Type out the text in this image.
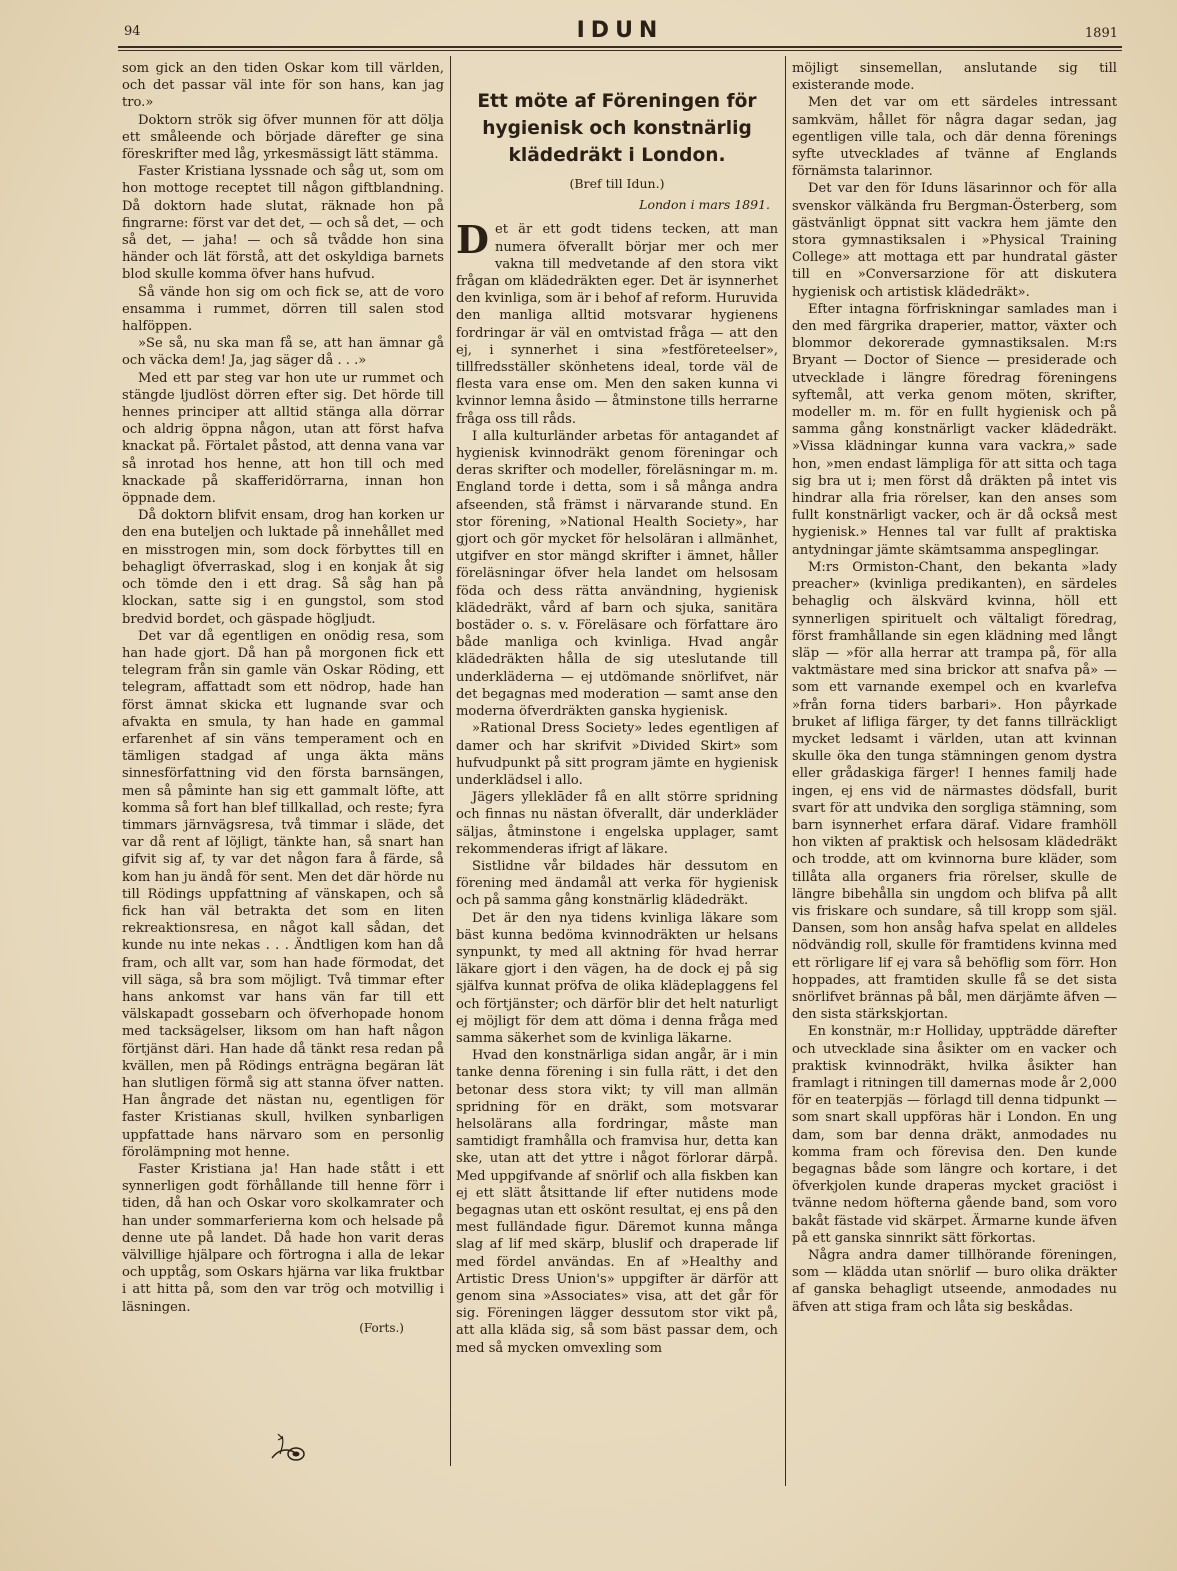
94	IDUN	1891

som gick an den tiden Oskar kom till världen, och det passar väl inte för son hans, kan jag tro.»

Doktorn strök sig öfver munnen för att dölja ett småleende och började därefter ge sina föreskrifter med låg, yrkesmässigt lätt stämma.

Faster Kristiana lyssnade och såg ut, som om hon mottoge receptet till någon giftblandning. Då doktorn hade slutat, räknade hon på fingrarne: först var det det, — och så det, — och så det, — jaha! — och så tvådde hon sina händer och lät förstå, att det oskyldiga barnets blod skulle komma öfver hans hufvud.

Så vände hon sig om och fick se, att de voro ensamma i rummet, dörren till salen stod halföppen.

»Se så, nu ska man få se, att han ämnar gå och väcka dem! Ja, jag säger då . . .»

Med ett par steg var hon ute ur rummet och stängde ljudlöst dörren efter sig. Det hörde till hennes principer att alltid stänga alla dörrar och aldrig öppna någon, utan att först hafva knackat på. Förtalet påstod, att denna vana var så inrotad hos henne, att hon till och med knackade på skafferidörrarna, innan hon öppnade dem.

Då doktorn blifvit ensam, drog han korken ur den ena buteljen och luktade på innehållet med en misstrogen min, som dock förbyttes till en behagligt öfverraskad, slog i en konjak åt sig och tömde den i ett drag. Så såg han på klockan, satte sig i en gungstol, som stod bredvid bordet, och gäspade högljudt.

Det var då egentligen en onödig resa, som han hade gjort. Då han på morgonen fick ett telegram från sin gamle vän Oskar Röding, ett telegram, affattadt som ett nödrop, hade han först ämnat skicka ett lugnande svar och afvakta en smula, ty han hade en gammal erfarenhet af sin väns temperament och en tämligen stadgad af unga äkta mäns sinnesförfattning vid den första barnsängen, men så påminte han sig ett gammalt löfte, att komma så fort han blef tillkallad, och reste; fyra timmars järnvägsresa, två timmar i släde, det var då rent af löjligt, tänkte han, så snart han gifvit sig af, ty var det någon fara å färde, så kom han ju ändå för sent. Men det där hörde nu till Rödings uppfattning af vänskapen, och så fick han väl betrakta det som en liten rekreaktionsresa, en något kall sådan, det kunde nu inte nekas . . . Ändtligen kom han då fram, och allt var, som han hade förmodat, det vill säga, så bra som möjligt. Två timmar efter hans ankomst var hans vän far till ett välskapadt gossebarn och öfverhopade honom med tacksägelser, liksom om han haft någon förtjänst däri. Han hade då tänkt resa redan på kvällen, men på Rödings enträgna begäran lät han slutligen förmå sig att stanna öfver natten. Han ångrade det nästan nu, egentligen för faster Kristianas skull, hvilken synbarligen uppfattade hans närvaro som en personlig förolämpning mot henne.

Faster Kristiana ja! Han hade stått i ett synnerligen godt förhållande till henne förr i tiden, då han och Oskar voro skolkamrater och han under sommarferierna kom och helsade på denne ute på landet. Då hade hon varit deras välvillige hjälpare och förtrogna i alla de lekar och upptåg, som Oskars hjärna var lika fruktbar i att hitta på, som den var trög och motvillig i läsningen.

(Forts.)
Ett möte af Föreningen för hygienisk och konstnärlig klädedräkt i London.
(Bref till Idun.)
London i mars 1891.

Det är ett godt tidens tecken, att man numera öfverallt börjar mer och mer vakna till medvetande af den stora vikt frågan om klädedräkten eger. Det är isynnerhet den kvinliga, som är i behof af reform. Huruvida den manliga alltid motsvarar hygienens fordringar är väl en omtvistad fråga — att den ej, i synnerhet i sina »festföreteelser», tillfredsställer skönhetens ideal, torde väl de flesta vara ense om. Men den saken kunna vi kvinnor lemna åsido — åtminstone tills herrarne fråga oss till råds.

I alla kulturländer arbetas för antagandet af hygienisk kvinnodräkt genom föreningar och deras skrifter och modeller, föreläsningar m. m. England torde i detta, som i så många andra afseenden, stå främst i närvarande stund. En stor förening, »National Health Society», har gjort och gör mycket för helsoläran i allmänhet, utgifver en stor mängd skrifter i ämnet, håller föreläsningar öfver hela landet om helsosam föda och dess rätta användning, hygienisk klädedräkt, vård af barn och sjuka, sanitära bostäder o. s. v. Föreläsare och författare äro både manliga och kvinliga. Hvad angår klädedräkten hålla de sig uteslutande till underkläderna — ej utdömande snörlifvet, när det begagnas med moderation — samt anse den moderna öfverdräkten ganska hygienisk.

»Rational Dress Society» ledes egentligen af damer och har skrifvit »Divided Skirt» som hufvudpunkt på sitt program jämte en hygienisk underklädsel i allo.

Jägers ylleklāder få en allt större spridning och finnas nu nästan öfverallt, där underkläder säljas, åtminstone i engelska upplager, samt rekommenderas ifrigt af läkare.

Sistlidne vår bildades här dessutom en förening med ändamål att verka för hygienisk och på samma gång konstnärlig klädedräkt.

Det är den nya tidens kvinliga läkare som bäst kunna bedöma kvinnodräkten ur helsans synpunkt, ty med all aktning för hvad herrar läkare gjort i den vägen, ha de dock ej på sig själfva kunnat pröfva de olika klädeplaggens fel och förtjänster; och därför blir det helt naturligt ej möjligt för dem att döma i denna fråga med samma säkerhet som de kvinliga läkarne.

Hvad den konstnärliga sidan angår, är i min tanke denna förening i sin fulla rätt, i det den betonar dess stora vikt; ty vill man allmän spridning för en dräkt, som motsvarar helsolärans alla fordringar, måste man samtidigt framhålla och framvisa hur, detta kan ske, utan att det yttre i något förlorar därpå. Med uppgifvande af snörlif och alla fiskben kan ej ett slätt åtsittande lif efter nutidens mode begagnas utan ett oskönt resultat, ej ens på den mest fulländade figur. Däremot kunna många slag af lif med skärp, bluslif och draperade lif med fördel användas. En af »Healthy and Artistic Dress Union's» uppgifter är därför att genom sina »Associates» visa, att det går för sig. Föreningen lägger dessutom stor vikt på, att alla kläda sig, så som bäst passar dem, och med så mycken omvexling som

möjligt sinsemellan, anslutande sig till existerande mode.

Men det var om ett särdeles intressant samkväm, hållet för några dagar sedan, jag egentligen ville tala, och där denna förenings syfte utvecklades af tvänne af Englands förnämsta talarinnor.

Det var den för Iduns läsarinnor och för alla svenskor välkända fru Bergman-Österberg, som gästvänligt öppnat sitt vackra hem jämte den stora gymnastiksalen i »Physical Training College» att mottaga ett par hundratal gäster till en »Conversarzione för att diskutera hygienisk och artistisk klädedräkt».

Efter intagna förfriskningar samlades man i den med färgrika draperier, mattor, växter och blommor dekorerade gymnastiksalen. M:rs Bryant — Doctor of Sience — presiderade och utvecklade i längre föredrag föreningens syftemål, att verka genom möten, skrifter, modeller m. m. för en fullt hygienisk och på samma gång konstnärligt vacker klädedräkt. »Vissa klädningar kunna vara vackra,» sade hon, »men endast lämpliga för att sitta och taga sig bra ut i; men först då dräkten på intet vis hindrar alla fria rörelser, kan den anses som fullt konstnärligt vacker, och är då också mest hygienisk.» Hennes tal var fullt af praktiska antydningar jämte skämtsamma anspeglingar.

M:rs Ormiston-Chant, den bekanta »lady preacher» (kvinliga predikanten), en särdeles behaglig och älskvärd kvinna, höll ett synnerligen spirituelt och vältaligt föredrag, först framhållande sin egen klädning med långt släp — »för alla herrar att trampa på, för alla vaktmästare med sina brickor att snafva på» — som ett varnande exempel och en kvarlefva »från forna tiders barbari». Hon påyrkade bruket af lifliga färger, ty det fanns tillräckligt mycket ledsamt i världen, utan att kvinnan skulle öka den tunga stämningen genom dystra eller grådaskiga färger! I hennes familj hade ingen, ej ens vid de närmastes dödsfall, burit svart för att undvika den sorgliga stämning, som barn isynnerhet erfara däraf. Vidare framhöll hon vikten af praktisk och helsosam klädedräkt och trodde, att om kvinnorna bure kläder, som tillåta alla organers fria rörelser, skulle de längre bibehålla sin ungdom och blifva på allt vis friskare och sundare, så till kropp som själ. Dansen, som hon ansåg hafva spelat en alldeles nödvändig roll, skulle för framtidens kvinna med ett rörligare lif ej vara så behöflig som förr. Hon hoppades, att framtiden skulle få se det sista snörlifvet brännas på bål, men därjämte äfven — den sista stärkskjortan.

En konstnär, m:r Holliday, uppträdde därefter och utvecklade sina åsikter om en vacker och praktisk kvinnodräkt, hvilka åsikter han framlagt i ritningen till damernas mode år 2,000 för en teaterpjäs — förlagd till denna tidpunkt — som snart skall uppföras här i London. En ung dam, som bar denna dräkt, anmodades nu komma fram och förevisa den. Den kunde begagnas både som längre och kortare, i det öfverkjolen kunde draperas mycket graciöst i tvänne nedom höfterna gående band, som voro bakåt fästade vid skärpet. Ärmarne kunde äfven på ett ganska sinnrikt sätt förkortas.

Några andra damer tillhörande föreningen, som — klädda utan snörlif — buro olika dräkter af ganska behagligt utseende, anmodades nu äfven att stiga fram och låta sig beskådas.
